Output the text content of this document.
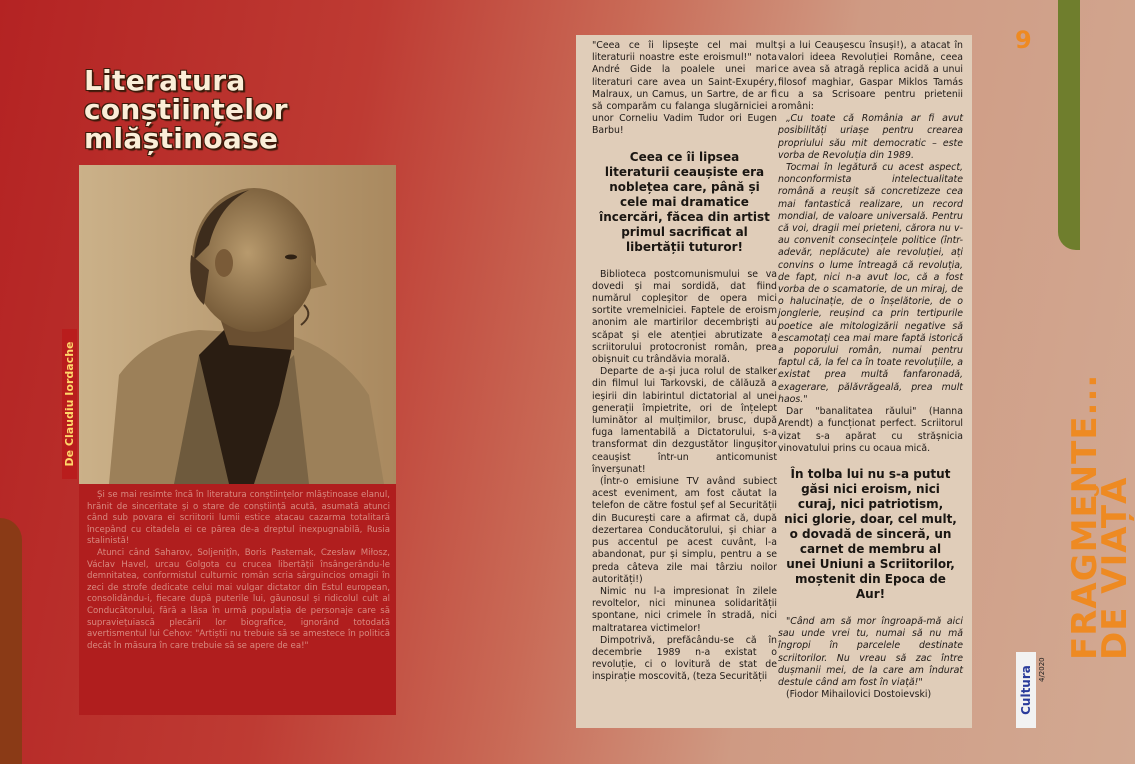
Literatura
conștiințelor
mlăștinoase
De Claudiu Iordache

Și se mai resimte încă în literatura conștiințelor mlăștinoase elanul, hrănit de sinceritate și o stare de conștiință acută, asumată atunci când sub povara ei scriitorii lumii estice atacau cazarma totalitară începând cu citadela ei ce părea de-a dreptul inexpugnabilă, Rusia stalinistă!

Atunci când Saharov, Soljenițîn, Boris Pasternak, Czesław Miłosz, Václav Havel, urcau Golgota cu crucea libertății însângerându-le demnitatea, conformistul culturnic român scria sârguincios omagii în zeci de strofe dedicate celui mai vulgar dictator din Estul european, consolidându-i, fiecare după puterile lui, găunosul și ridicolul cult al Conducătorului, fără a lăsa în urmă populația de personaje care să supraviețuiască plecării lor biografice, ignorând totodată avertismentul lui Cehov: "Artiștii nu trebuie să se amestece în politică decât în măsura în care trebuie să se apere de ea!"

"Ceea ce îi lipsește cel mai mult literaturii noastre este eroismul!" nota André Gide la poalele unei mari literaturi care avea un Saint-Exupéry, Malraux, un Camus, un Sartre, de ar fi să comparăm cu falanga slugărniciei a unor Corneliu Vadim Tudor ori Eugen Barbu!

Ceea ce îi lipsea literaturii ceaușiste era noblețea care, până și cele mai dramatice încercări, făcea din artist primul sacrificat al libertății tuturor!

Biblioteca postcomunismului se va dovedi și mai sordidă, dat fiind numărul copleșitor de opera mici sortite vremelniciei. Faptele de eroism anonim ale martirilor decembriști au scăpat și ele atenției abrutizate a scriitorului protocronist român, prea obișnuit cu trândăvia morală.

Departe de a-și juca rolul de stalker din filmul lui Tarkovski, de călăuză a ieșirii din labirintul dictatorial al unei generații împietrite, ori de înțelept luminător al mulțimilor, brusc, după fuga lamentabilă a Dictatorului, s-a transformat din dezgustător lingușitor ceaușist într-un anticomunist înverșunat!

(Într-o emisiune TV având subiect acest eveniment, am fost căutat la telefon de către fostul șef al Securității din București care a afirmat că, după dezertarea Conducătorului, și chiar a pus accentul pe acest cuvânt, l-a abandonat, pur și simplu, pentru a se preda câteva zile mai târziu noilor autorități!)

Nimic nu l-a impresionat în zilele revoltelor, nici minunea solidarității spontane, nici crimele în stradă, nici maltratarea victimelor!

Dimpotrivă, prefăcându-se că în decembrie 1989 n-a existat o revoluție, ci o lovitură de stat de inspirație moscovită, (teza Securității

și a lui Ceaușescu însuși!), a atacat în valori ideea Revoluției Române, ceea ce avea să atragă replica acidă a unui filosof maghiar, Gaspar Miklos Tamás cu a sa Scrisoare pentru prietenii români:

„Cu toate că România ar fi avut posibilități uriașe pentru crearea propriului său mit democratic – este vorba de Revoluția din 1989.

Tocmai în legătură cu acest aspect, nonconformista intelectualitate română a reușit să concretizeze cea mai fantastică realizare, un record mondial, de valoare universală. Pentru că voi, dragii mei prieteni, cărora nu v-au convenit consecințele politice (într-adevăr, neplăcute) ale revoluției, ați convins o lume întreagă că revoluția, de fapt, nici n-a avut loc, că a fost vorba de o scamatorie, de un miraj, de o halucinație, de o înșelătorie, de o jonglerie, reușind ca prin tertipurile poetice ale mitologizării negative să escamotați cea mai mare faptă istorică a poporului român, numai pentru faptul că, la fel ca în toate revoluțiile, a existat prea multă fanfaronadă, exagerare, pălăvrăgeală, prea mult haos."

Dar "banalitatea răului" (Hanna Arendt) a funcționat perfect. Scriitorul vizat s-a apărat cu strășnicia vinovatului prins cu ocaua mică.

În tolba lui nu s-a putut găsi nici eroism, nici curaj, nici patriotism, nici glorie, doar, cel mult, o dovadă de sinceră, un carnet de membru al unei Uniuni a Scriitorilor, moștenit din Epoca de Aur!

"Când am să mor îngroapă-mă aici sau unde vrei tu, numai să nu mă îngropi în parcelele destinate scriitorilor. Nu vreau să zac între dușmanii mei, de la care am îndurat destule când am fost în viață!"

(Fiodor Mihailovici Dostoievski)

9
FRAGMENTE...
DE VIAȚĂ
Cultura 4/2020
